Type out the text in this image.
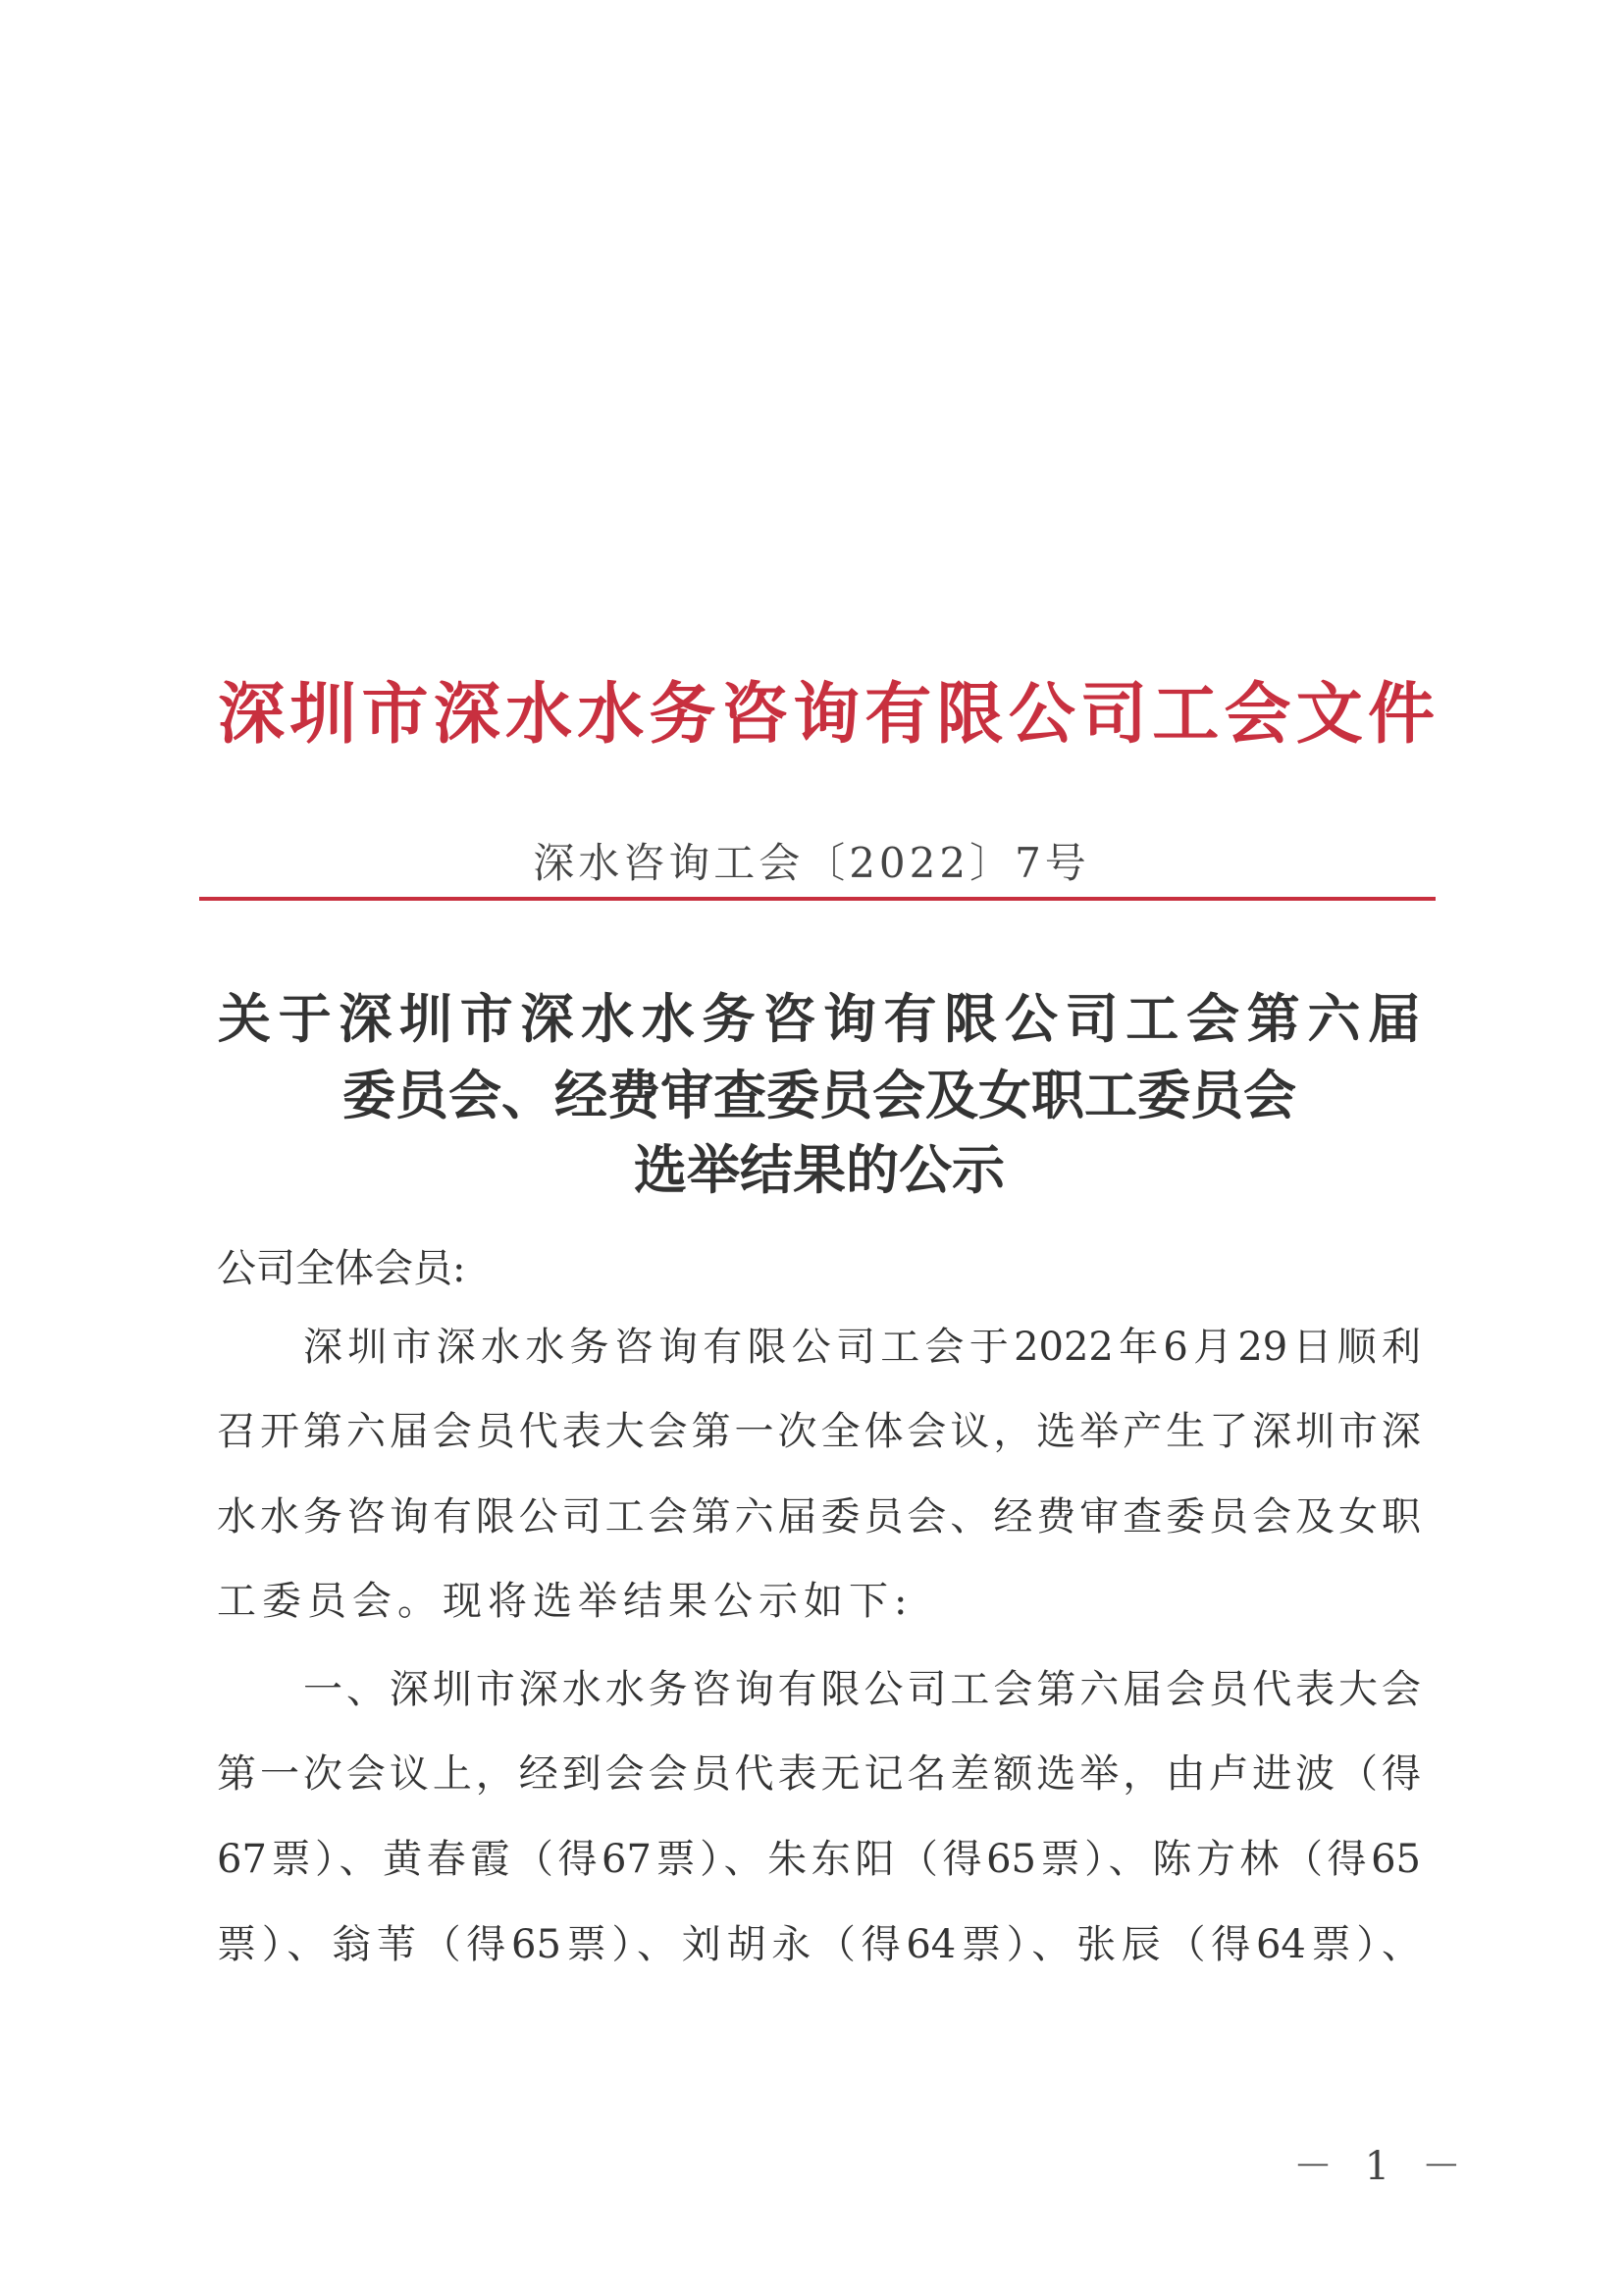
深圳市深水水务咨询有限公司工会文件
深水咨询工会〔2022〕7号
关于深圳市深水水务咨询有限公司工会第六届
委员会、经费审查委员会及女职工委员会
选举结果的公示
公司全体会员:
深圳市深水水务咨询有限公司工会于2022年6月29日顺利
召开第六届会员代表大会第一次全体会议，选举产生了深圳市深
水水务咨询有限公司工会第六届委员会、经费审查委员会及女职
工委员会。现将选举结果公示如下:
一、深圳市深水水务咨询有限公司工会第六届会员代表大会
第一次会议上，经到会会员代表无记名差额选举，由卢进波（得
67票）、黄春霞（得67票）、朱东阳（得65票）、陈方林（得65
票）、翁苇（得65票）、刘胡永（得64票）、张辰（得64票）、
－ 1 －
